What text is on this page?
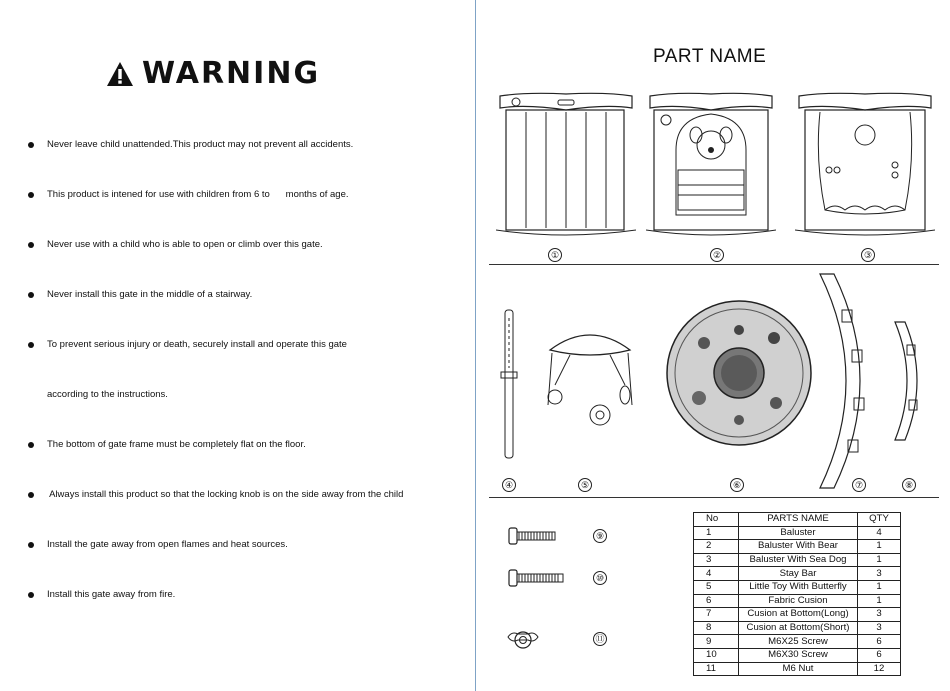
WARNING
Never leave child unattended.This product may not prevent all accidents.
This product is intened for use with children from 6 to      months of age.
Never use with a child who is able to open or climb over this gate.
Never install this gate in the middle of a stairway.
To prevent serious injury or death, securely install and operate this gate
according to the instructions.
The bottom of gate frame must be completely flat on the floor.
Always install this product so that the locking knob is on the side away from the child
Install the gate away from open flames and heat sources.
Install this gate away from fire.
PART NAME
①	②	③
④	⑤	⑥	⑦	⑧
⑨
⑩
⑪
No	PARTS NAME	QTY
1	Baluster	4
2	Baluster With Bear	1
3	Baluster With Sea Dog	1
4	Stay Bar	3
5	Little Toy With Butterfly	1
6	Fabric Cusion	1
7	Cusion at Bottom(Long)	3
8	Cusion at Bottom(Short)	3
9	M6X25 Screw	6
10	M6X30 Screw	6
11	M6 Nut	12
